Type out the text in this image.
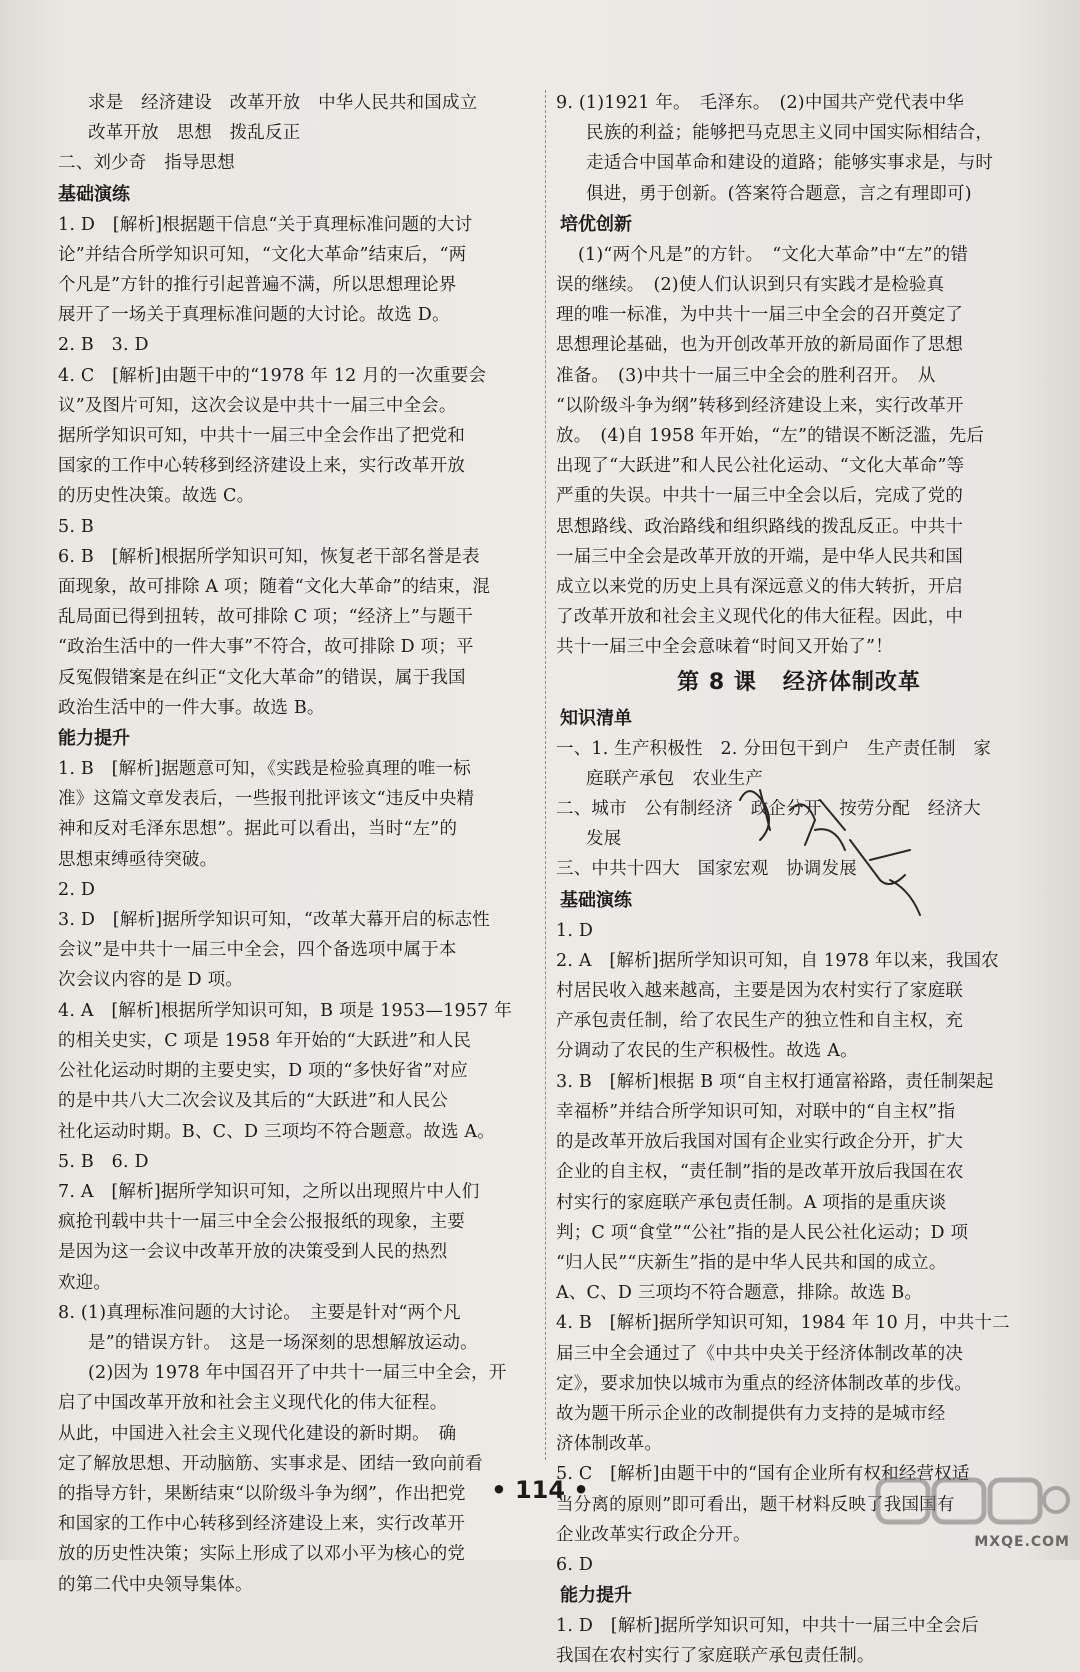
求是　经济建设　改革开放　中华人民共和国成立
改革开放　思想　拨乱反正
二、刘少奇　指导思想
基础演练
1. D　[解析]根据题干信息“关于真理标准问题的大讨
论”并结合所学知识可知，“文化大革命”结束后，“两
个凡是”方针的推行引起普遍不满，所以思想理论界
展开了一场关于真理标准问题的大讨论。故选 D。
2. B　3. D
4. C　[解析]由题干中的“1978 年 12 月的一次重要会
议”及图片可知，这次会议是中共十一届三中全会。
据所学知识可知，中共十一届三中全会作出了把党和
国家的工作中心转移到经济建设上来，实行改革开放
的历史性决策。故选 C。
5. B
6. B　[解析]根据所学知识可知，恢复老干部名誉是表
面现象，故可排除 A 项；随着“文化大革命”的结束，混
乱局面已得到扭转，故可排除 C 项；“经济上”与题干
“政治生活中的一件大事”不符合，故可排除 D 项；平
反冤假错案是在纠正“文化大革命”的错误，属于我国
政治生活中的一件大事。故选 B。
能力提升
1. B　[解析]据题意可知，《实践是检验真理的唯一标
准》这篇文章发表后，一些报刊批评该文“违反中央精
神和反对毛泽东思想”。据此可以看出，当时“左”的
思想束缚亟待突破。
2. D
3. D　[解析]据所学知识可知，“改革大幕开启的标志性
会议”是中共十一届三中全会，四个备选项中属于本
次会议内容的是 D 项。
4. A　[解析]根据所学知识可知，B 项是 1953—1957 年
的相关史实，C 项是 1958 年开始的“大跃进”和人民
公社化运动时期的主要史实，D 项的“多快好省”对应
的是中共八大二次会议及其后的“大跃进”和人民公
社化运动时期。B、C、D 三项均不符合题意。故选 A。
5. B　6. D
7. A　[解析]据所学知识可知，之所以出现照片中人们
疯抢刊载中共十一届三中全会公报报纸的现象，主要
是因为这一会议中改革开放的决策受到人民的热烈
欢迎。
8. (1)真理标准问题的大讨论。　主要是针对“两个凡
是”的错误方针。　这是一场深刻的思想解放运动。
(2)因为 1978 年中国召开了中共十一届三中全会，开
启了中国改革开放和社会主义现代化的伟大征程。
从此，中国进入社会主义现代化建设的新时期。　确
定了解放思想、开动脑筋、实事求是、团结一致向前看
的指导方针，果断结束“以阶级斗争为纲”，作出把党
和国家的工作中心转移到经济建设上来，实行改革开
放的历史性决策；实际上形成了以邓小平为核心的党
的第二代中央领导集体。
9. (1)1921 年。　毛泽东。　(2)中国共产党代表中华
民族的利益；能够把马克思主义同中国实际相结合，
走适合中国革命和建设的道路；能够实事求是，与时
俱进，勇于创新。(答案符合题意，言之有理即可)
培优创新
(1)“两个凡是”的方针。　“文化大革命”中“左”的错
误的继续。　(2)使人们认识到只有实践才是检验真
理的唯一标准，为中共十一届三中全会的召开奠定了
思想理论基础，也为开创改革开放的新局面作了思想
准备。　(3)中共十一届三中全会的胜利召开。　从
“以阶级斗争为纲”转移到经济建设上来，实行改革开
放。　(4)自 1958 年开始，“左”的错误不断泛滥，先后
出现了“大跃进”和人民公社化运动、“文化大革命”等
严重的失误。中共十一届三中全会以后，完成了党的
思想路线、政治路线和组织路线的拨乱反正。中共十
一届三中全会是改革开放的开端，是中华人民共和国
成立以来党的历史上具有深远意义的伟大转折，开启
了改革开放和社会主义现代化的伟大征程。因此，中
共十一届三中全会意味着“时间又开始了”！
第 8 课 经济体制改革
知识清单
一、1. 生产积极性　2. 分田包干到户　生产责任制　家
庭联产承包　农业生产
二、城市　公有制经济　政企分开　按劳分配　经济大
发展
三、中共十四大　国家宏观　协调发展
基础演练
1. D
2. A　[解析]据所学知识可知，自 1978 年以来，我国农
村居民收入越来越高，主要是因为农村实行了家庭联
产承包责任制，给了农民生产的独立性和自主权，充
分调动了农民的生产积极性。故选 A。
3. B　[解析]根据 B 项“自主权打通富裕路，责任制架起
幸福桥”并结合所学知识可知，对联中的“自主权”指
的是改革开放后我国对国有企业实行政企分开，扩大
企业的自主权，“责任制”指的是改革开放后我国在农
村实行的家庭联产承包责任制。A 项指的是重庆谈
判；C 项“食堂”“公社”指的是人民公社化运动；D 项
“归人民”“庆新生”指的是中华人民共和国的成立。
A、C、D 三项均不符合题意，排除。故选 B。
4. B　[解析]据所学知识可知，1984 年 10 月，中共十二
届三中全会通过了《中共中央关于经济体制改革的决
定》，要求加快以城市为重点的经济体制改革的步伐。
故为题干所示企业的改制提供有力支持的是城市经
济体制改革。
5. C　[解析]由题干中的“国有企业所有权和经营权适
当分离的原则”即可看出，题干材料反映了我国国有
企业改革实行政企分开。
6. D
能力提升
1. D　[解析]据所学知识可知，中共十一届三中全会后
我国在农村实行了家庭联产承包责任制。
• 114 •
MXQE.COM
